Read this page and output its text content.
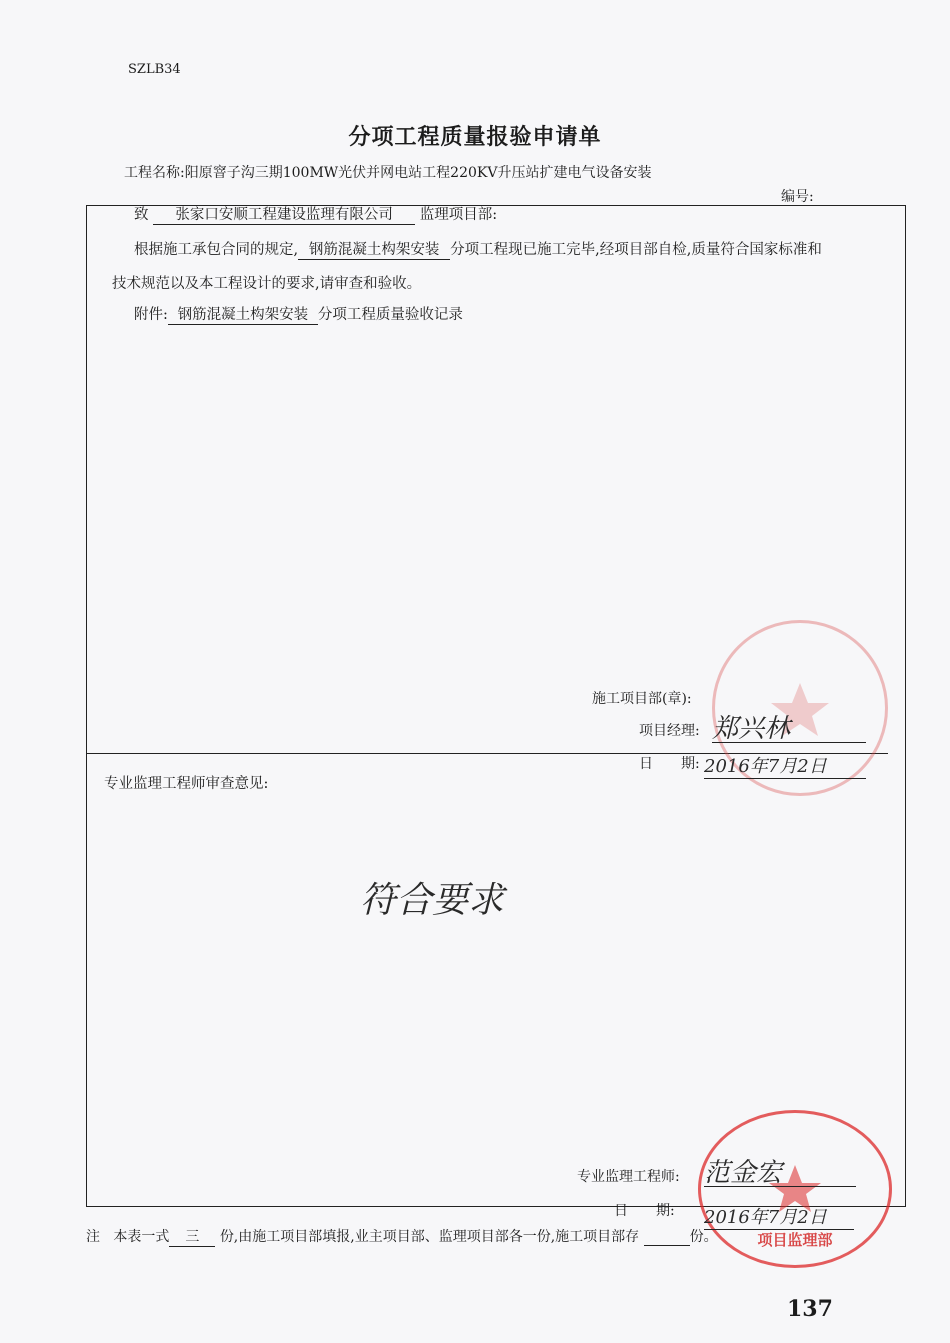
SZLB34
分项工程质量报验申请单
工程名称:阳原窨子沟三期100MW光伏并网电站工程220KV升压站扩建电气设备安装
编号:
致 张家口安顺工程建设监理有限公司 监理项目部:
根据施工承包合同的规定, 钢筋混凝土构架安装 分项工程现已施工完毕,经项目部自检,质量符合国家标准和
技术规范以及本工程设计的要求,请审查和验收。
附件: 钢筋混凝土构架安装 分项工程质量验收记录
施工项目部(章):
项目经理: 郑兴林
日　　期: 2016年7月2日
专业监理工程师审查意见:
符合要求
项目监理部
专业监理工程师: 范金宏
日　　期: 2016年7月2日
注 本表一式 三 份,由施工项目部填报,业主项目部、监理项目部各一份,施工项目部存	份。
137
